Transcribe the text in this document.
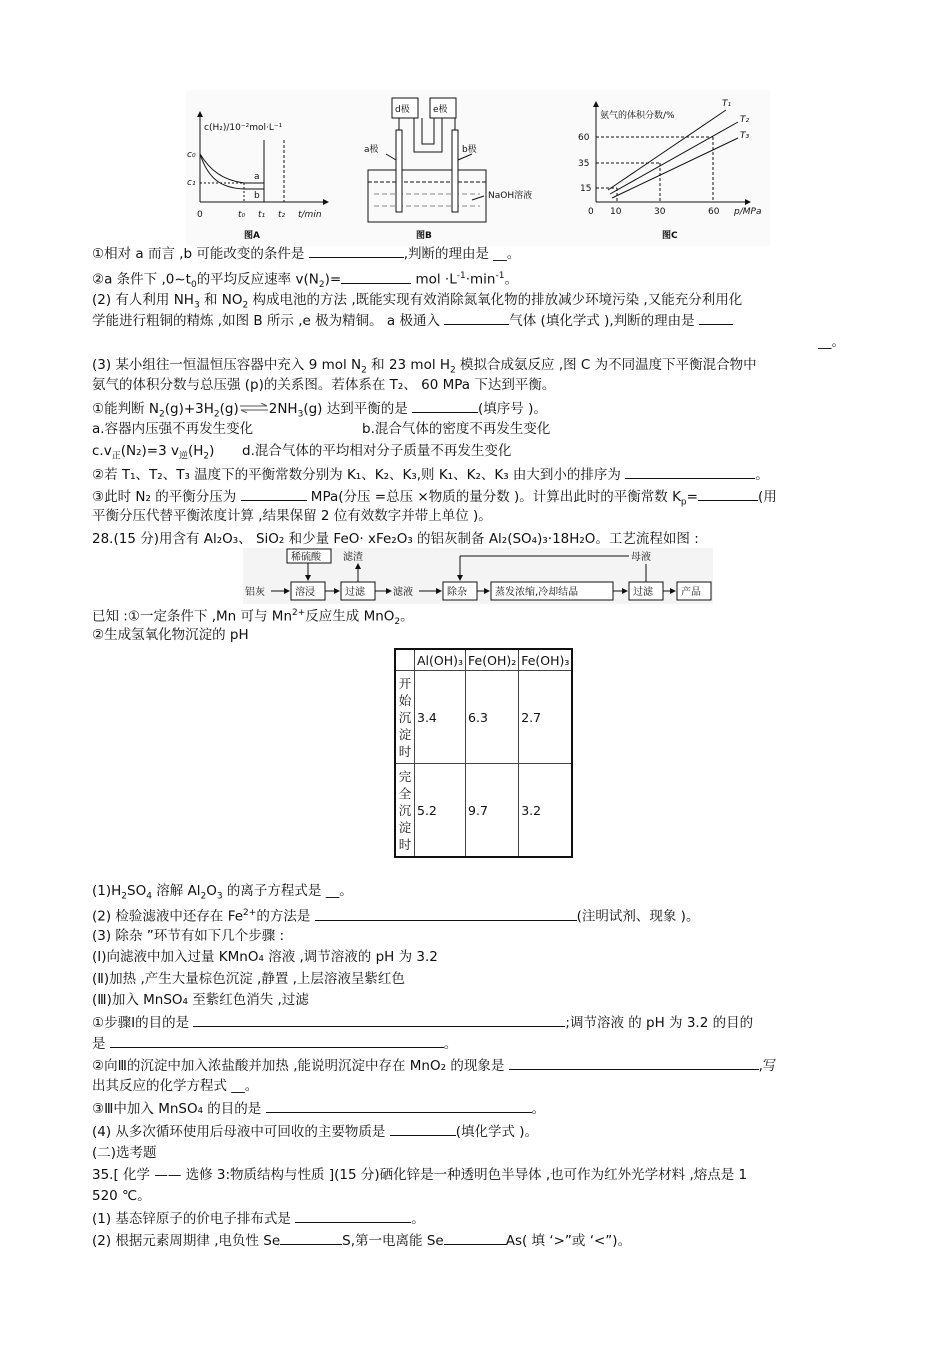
c(H₂)/10⁻²mol·L⁻¹
c₀
c₁
0	t₀ t₁ t₂ t/min
a
b
图A
d极	e极
a极	b极
NaOH溶液
图B
氨气的体积分数/%
p/MPa
60
35
15
0 10	30	60
T₁
T₂
T₃
图C
①相对 a 而言 ,b 可能改变的条件是	,判断的理由是 __。
②a 条件下 $,0\sim t_0$的平均反应速率 $v(N_2)=$	mol $\cdot L^{-1}\cdot\min^{-1}$。
(2) 有人利用 $NH_3$ 和 $NO_2$ 构成电池的方法 ,既能实现有效消除氮氧化物的排放减少环境污染 ,又能充分利用化
学能进行粗铜的精炼 ,如图 B 所示 ,e 极为精铜。 a 极通入	气体 (填化学式 ),判断的理由是
__。
(3) 某小组往一恒温恒压容器中充入 9 mol $N_2$ 和 23 mol $H_2$ 模拟合成氨反应 ,图 C 为不同温度下平衡混合物中
氨气的体积分数与总压强 (p)的关系图。若体系在 T₂、 60 MPa 下达到平衡。
①能判断 $N_2(g)+3H_2(g)\rightleftharpoons 2NH_3(g)$ 达到平衡的是	(填序号 )。
a.容器内压强不再发生变化	b.混合气体的密度不再发生变化
$c.v_正(N_2)=3$ $v_逆(H_2)$ d.混合气体的平均相对分子质量不再发生变化
②若 T₁、T₂、T₃ 温度下的平衡常数分别为 K₁、K₂、K₃,则 K₁、K₂、K₃ 由大到小的排序为	。
③此时 N₂ 的平衡分压为	MPa(分压 =总压 ×物质的量分数 )。计算出此时的平衡常数 $K_p=$	(用
平衡分压代替平衡浓度计算 ,结果保留 2 位有效数字并带上单位 )。
28.(15 分)用含有 Al₂O₃、 SiO₂ 和少量 FeO· xFe₂O₃ 的铝灰制备 Al₂(SO₄)₃·18H₂O。工艺流程如图 :
铝灰	溶浸	过滤	滤液	除杂	蒸发浓缩,冷却结晶	过滤	产品
稀硫酸 滤渣	母液
已知 :①一定条件下 ,Mn 可与 $Mn^{2+}$反应生成 MnO$_2$。
②生成氢氧化物沉淀的 pH
	Al(OH)₃	Fe(OH)₂	Fe(OH)₃
开始沉淀时	3.4	6.3	2.7
完全沉淀时	5.2	9.7	3.2
$(1)H_2SO_4$ 溶解 $Al_2O_3$ 的离子方程式是 __。
(2) 检验滤液中还存在 $Fe^{2+}$的方法是	(注明试剂、现象 )。
(3) 除杂 ”环节有如下几个步骤 :
(Ⅰ)向滤液中加入过量 KMnO₄ 溶液 ,调节溶液的 pH 为 3.2
(Ⅱ)加热 ,产生大量棕色沉淀 ,静置 ,上层溶液呈紫红色
(Ⅲ)加入 MnSO₄ 至紫红色消失 ,过滤
①步骤Ⅰ的目的是	;调节溶液 的 pH 为 3.2 的目的
是	。
②向Ⅲ的沉淀中加入浓盐酸并加热 ,能说明沉淀中存在 MnO₂ 的现象是	,写
出其反应的化学方程式 __。
③Ⅲ中加入 MnSO₄ 的目的是	。
(4) 从多次循环使用后母液中可回收的主要物质是	(填化学式 )。
(二)选考题
35.[ 化学 —— 选修 3:物质结构与性质 ](15 分)硒化锌是一种透明色半导体 ,也可作为红外光学材料 ,熔点是 1
520 ℃。
(1) 基态锌原子的价电子排布式是	。
(2) 根据元素周期律 ,电负性 Se	S,第一电离能 Se	As( 填 ‘>”或 ‘<”)。
